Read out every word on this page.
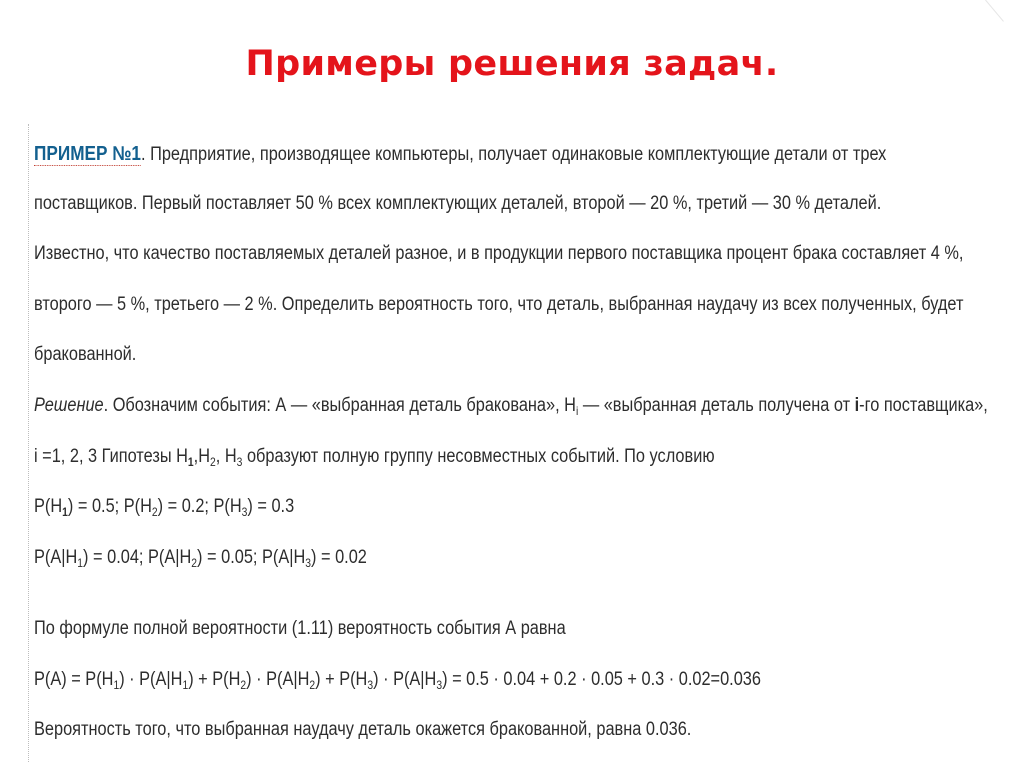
Примеры решения задач.
ПРИМЕР №1. Предприятие, производящее компьютеры, получает одинаковые комплектующие детали от трех
поставщиков. Первый поставляет 50 % всех комплектующих деталей, второй — 20 %, третий — 30 % деталей.
Известно, что качество поставляемых деталей разное, и в продукции первого поставщика процент брака составляет 4 %,
второго — 5 %, третьего — 2 %. Определить вероятность того, что деталь, выбранная наудачу из всех полученных, будет
бракованной.
Решение. Обозначим события: А — «выбранная деталь бракована», $H_i$ — «выбранная деталь получена от i-го поставщика»,
i =1, 2, 3 Гипотезы $Н_1,Н_2$, $Н_3$ образуют полную группу несовместных событий. По условию
$P(H_1) = 0.5$; $P(H_2) = 0.2$; $P(H_3) = 0.3$
$P(A|H_1) = 0.04$; $P(A|H_2) = 0.05$; $P(A|H_3) = 0.02$
По формуле полной вероятности (1.11) вероятность события А равна
$P(A) = P(H_1) \cdot P(A|H_1) + P(H_2) \cdot P(A|H_2) + P(H_3) \cdot P(A|H_3) = 0.5 \cdot 0.04 + 0.2 \cdot 0.05 + 0.3 \cdot 0.02=0.036$
Вероятность того, что выбранная наудачу деталь окажется бракованной, равна 0.036.
